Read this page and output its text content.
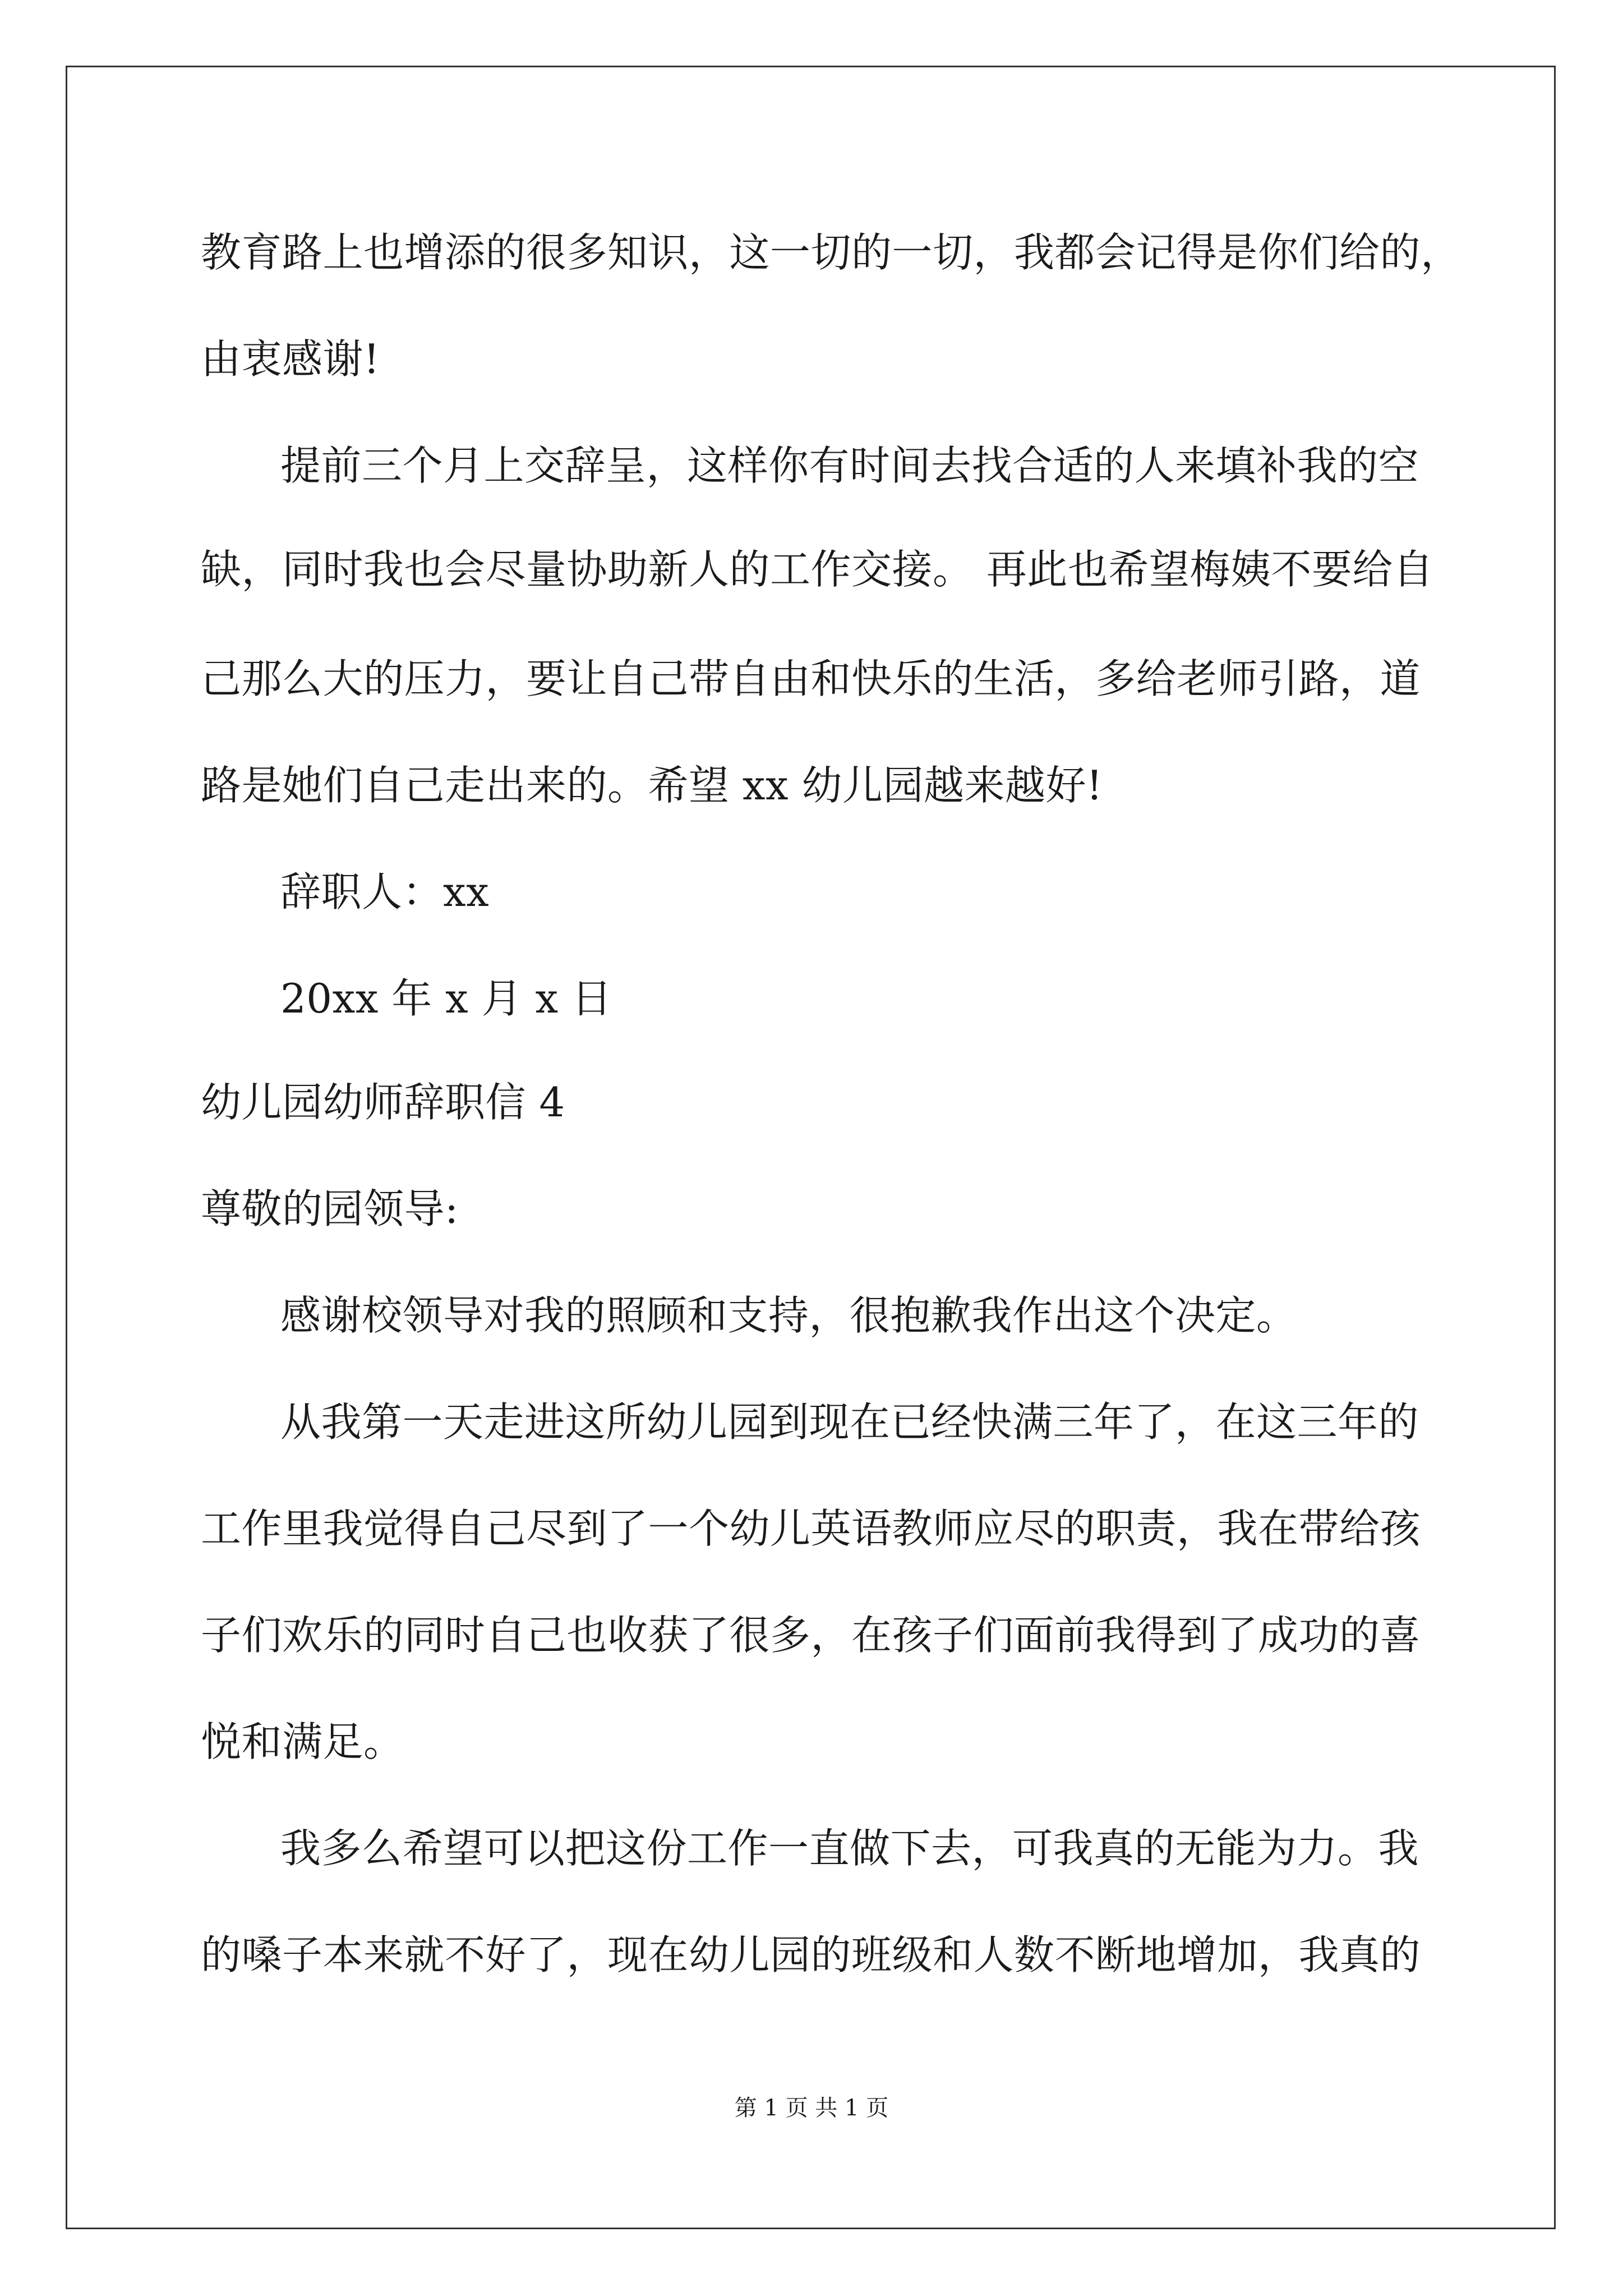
教育路上也增添的很多知识，这一切的一切，我都会记得是你们给的，
由衷感谢!
提前三个月上交辞呈，这样你有时间去找合适的人来填补我的空
缺，同时我也会尽量协助新人的工作交接。 再此也希望梅姨不要给自
己那么大的压力，要让自己带自由和快乐的生活，多给老师引路，道
路是她们自己走出来的。希望 xx 幼儿园越来越好!
辞职人：xx
20xx 年 x 月 x 日
幼儿园幼师辞职信 4
尊敬的园领导:
感谢校领导对我的照顾和支持，很抱歉我作出这个决定。
从我第一天走进这所幼儿园到现在已经快满三年了，在这三年的
工作里我觉得自己尽到了一个幼儿英语教师应尽的职责，我在带给孩
子们欢乐的同时自己也收获了很多，在孩子们面前我得到了成功的喜
悦和满足。
我多么希望可以把这份工作一直做下去，可我真的无能为力。我
的嗓子本来就不好了，现在幼儿园的班级和人数不断地增加，我真的
第 1 页 共 1 页
